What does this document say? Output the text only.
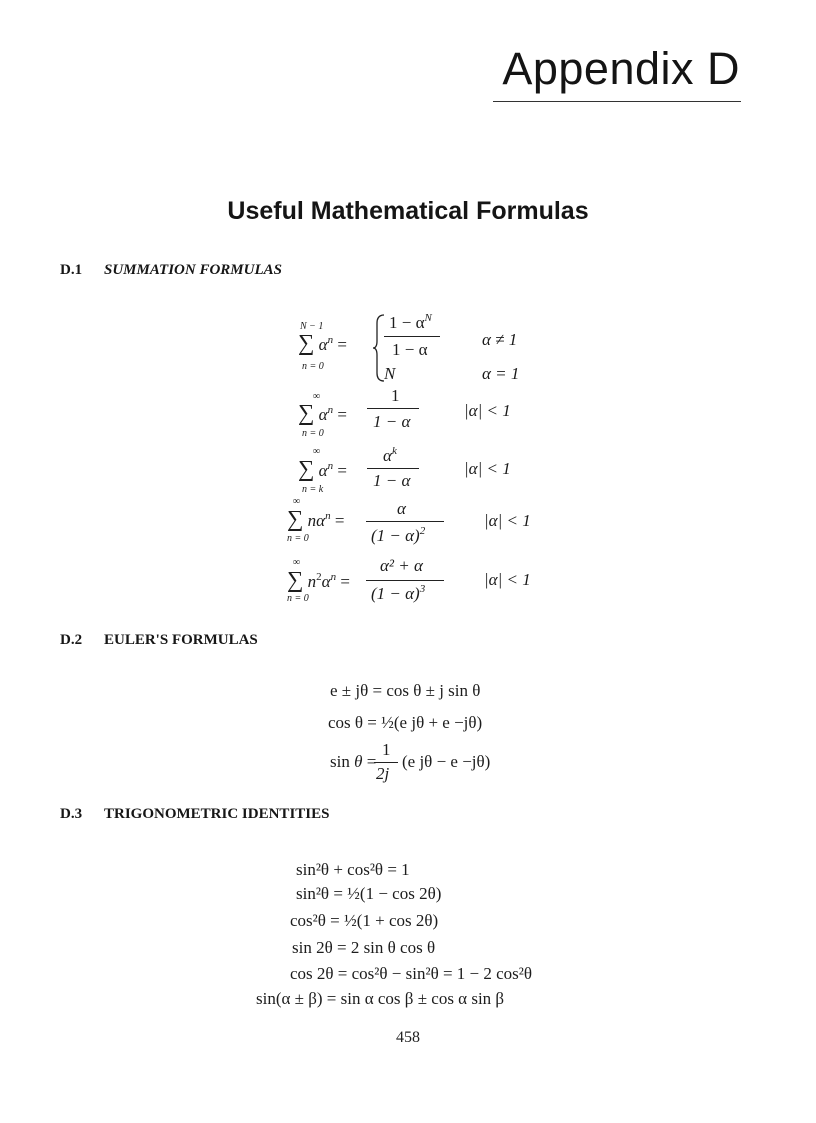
Appendix D
Useful Mathematical Formulas
D.1 SUMMATION FORMULAS
N − 1
∑ $\alpha^n$ =
n = 0
$1 - \alpha^N$
1 − α
α ≠ 1
N	α = 1
∞
∑ $\alpha^n$ =
n = 0
1
1 − α
|α| < 1
∞
∑ $\alpha^n$ =
n = k
$\alpha^k$
1 − α
|α| < 1
∞
∑ $n\alpha^n$ =
n = 0
α
$(1 - \alpha)^2$
|α| < 1
∞
∑ $n^2\alpha^n$ =
n = 0
α² + α
$(1 - \alpha)^3$	|α| < 1
D.2 EULER'S FORMULAS
e ± jθ = cos θ ± j sin θ
cos θ = ½(e jθ + e −jθ)
sin θ =
1
2j
(e jθ − e −jθ)
D.3 TRIGONOMETRIC IDENTITIES
sin²θ + cos²θ = 1
sin²θ = ½(1 − cos 2θ)
cos²θ = ½(1 + cos 2θ)
sin 2θ = 2 sin θ cos θ
cos 2θ = cos²θ − sin²θ = 1 − 2 cos²θ
sin(α ± β) = sin α cos β ± cos α sin β
458
